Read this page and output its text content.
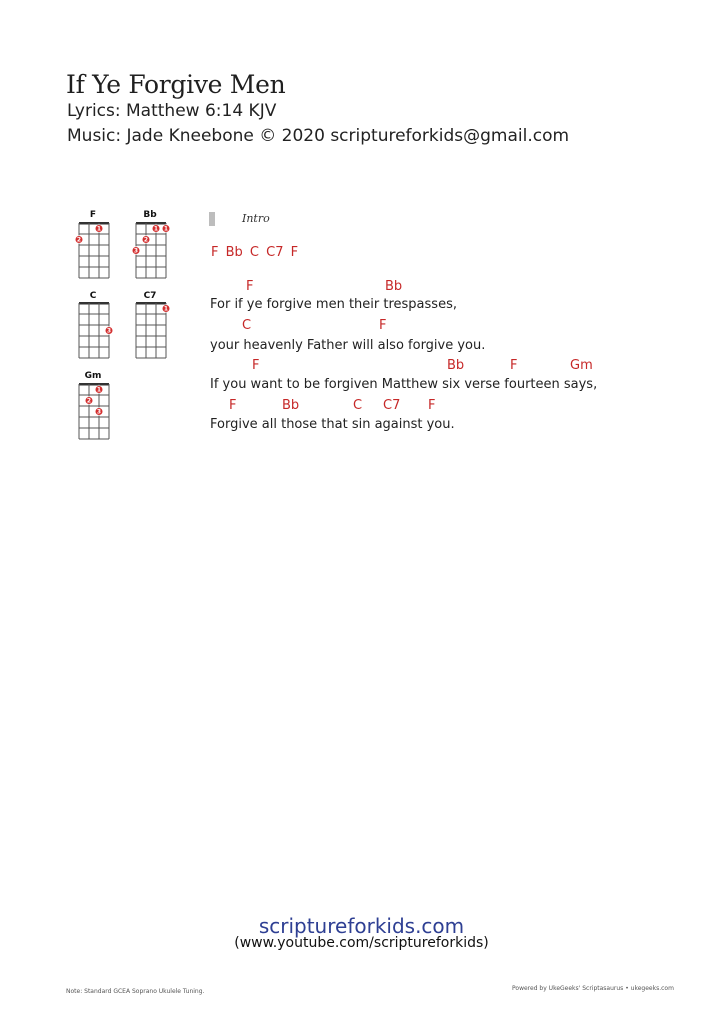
If Ye Forgive Men
Lyrics: Matthew 6:14 KJV
Music: Jade Kneebone © 2020 scriptureforkids@gmail.com
F	Bb
C	C7
Gm
1
2
1 1
2
3
3
1
1
2
3
Intro
F Bb C C7 F
F	Bb
For if ye forgive men their trespasses,
C	F
your heavenly Father will also forgive you.
F	Bb	F	Gm
If you want to be forgiven Matthew six verse fourteen says,
F	Bb	C C7 F
Forgive all those that sin against you.
scriptureforkids.com
(www.youtube.com/scriptureforkids)
Note: Standard GCEA Soprano Ukulele Tuning.	Powered by UkeGeeks' Scriptasaurus • ukegeeks.com
